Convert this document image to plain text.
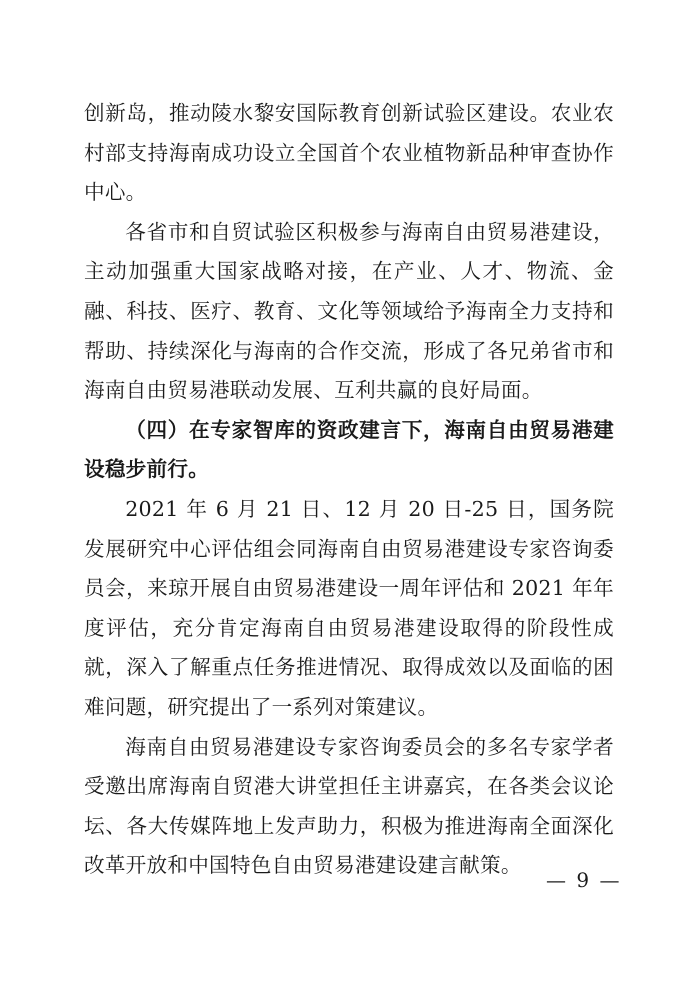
创新岛，推动陵水黎安国际教育创新试验区建设。农业农村部支持海南成功设立全国首个农业植物新品种审查协作中心。

各省市和自贸试验区积极参与海南自由贸易港建设，主动加强重大国家战略对接，在产业、人才、物流、金融、科技、医疗、教育、文化等领域给予海南全力支持和帮助、持续深化与海南的合作交流，形成了各兄弟省市和海南自由贸易港联动发展、互利共赢的良好局面。

（四）在专家智库的资政建言下，海南自由贸易港建设稳步前行。

2021 年 6 月 21 日、12 月 20 日-25 日，国务院发展研究中心评估组会同海南自由贸易港建设专家咨询委员会，来琼开展自由贸易港建设一周年评估和 2021 年年度评估，充分肯定海南自由贸易港建设取得的阶段性成就，深入了解重点任务推进情况、取得成效以及面临的困难问题，研究提出了一系列对策建议。

海南自由贸易港建设专家咨询委员会的多名专家学者受邀出席海南自贸港大讲堂担任主讲嘉宾，在各类会议论坛、各大传媒阵地上发声助力，积极为推进海南全面深化改革开放和中国特色自由贸易港建设建言献策。

— 9 —
